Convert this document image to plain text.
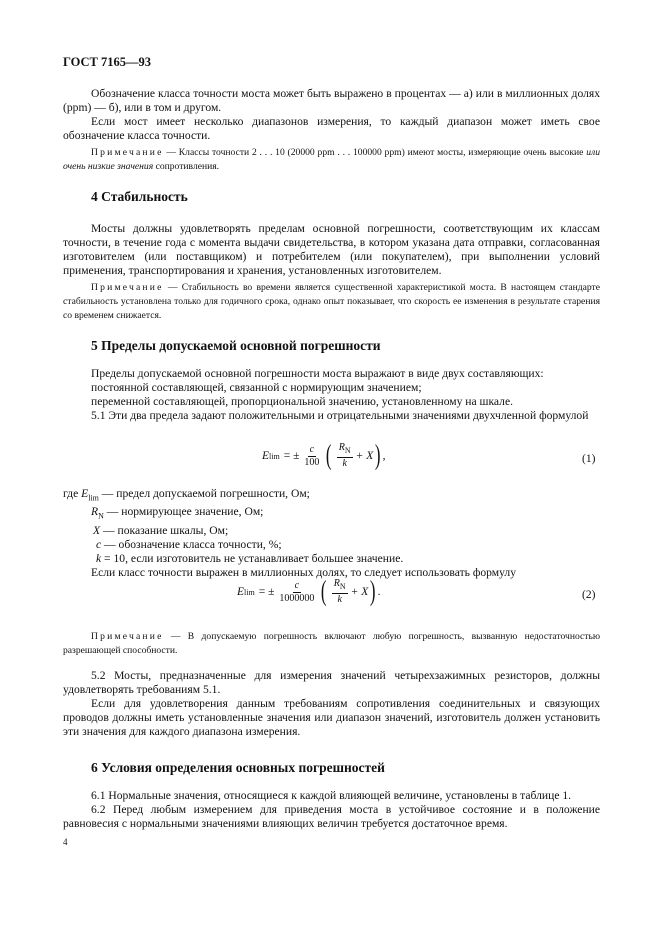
ГОСТ 7165—93

Обозначение класса точности моста может быть выражено в процентах — а) или в миллионных долях (ppm) — б), или в том и другом.

Если мост имеет несколько диапазонов измерения, то каждый диапазон может иметь свое обозначение класса точности.

Примечание — Классы точности 2 . . . 10 (20000 ppm . . . 100000 ppm) имеют мосты, измеряющие очень высокие или очень низкие значения сопротивления.

4 Стабильность

Мосты должны удовлетворять пределам основной погрешности, соответствующим их классам точности, в течение года с момента выдачи свидетельства, в котором указана дата отправки, согласованная изготовителем (или поставщиком) и потребителем (или покупателем), при выполнении условий применения, транспортирования и хранения, установленных изготовителем.

Примечание — Стабильность во времени является существенной характеристикой моста. В настоящем стандарте стабильность установлена только для годичного срока, однако опыт показывает, что скорость ее изменения в результате старения со временем снижается.

5 Пределы допускаемой основной погрешности

Пределы допускаемой основной погрешности моста выражают в виде двух составляющих:

постоянной составляющей, связанной с нормирующим значением;

переменной составляющей, пропорциональной значению, установленному на шкале.

5.1 Эти два предела задают положительными и отрицательными значениями двухчленной формулой

E lim = ± $\frac{c}{100}$ ( $\frac{R_N}{k} + X$ ) ,	(1)
где $E_{lim}$ — предел допускаемой погрешности, Ом;
$R_N$ — нормирующее значение, Ом;
X — показание шкалы, Ом;
c — обозначение класса точности, %;
k = 10, если изготовитель не устанавливает большее значение.
Если класс точности выражен в миллионных долях, то следует использовать формулу
E lim = ± $\frac{c}{1000000}$ ( $\frac{R_N}{k} + X$ ) .	(2)

Примечание — В допускаемую погрешность включают любую погрешность, вызванную недостаточностью разрешающей способности.

5.2 Мосты, предназначенные для измерения значений четырехзажимных резисторов, должны удовлетворять требованиям 5.1.

Если для удовлетворения данным требованиям сопротивления соединительных и связующих проводов должны иметь установленные значения или диапазон значений, изготовитель должен установить эти значения для каждого диапазона измерения.

6 Условия определения основных погрешностей

6.1 Нормальные значения, относящиеся к каждой влияющей величине, установлены в таблице 1.

6.2 Перед любым измерением для приведения моста в устойчивое состояние и в положение равновесия с нормальными значениями влияющих величин требуется достаточное время.

4
